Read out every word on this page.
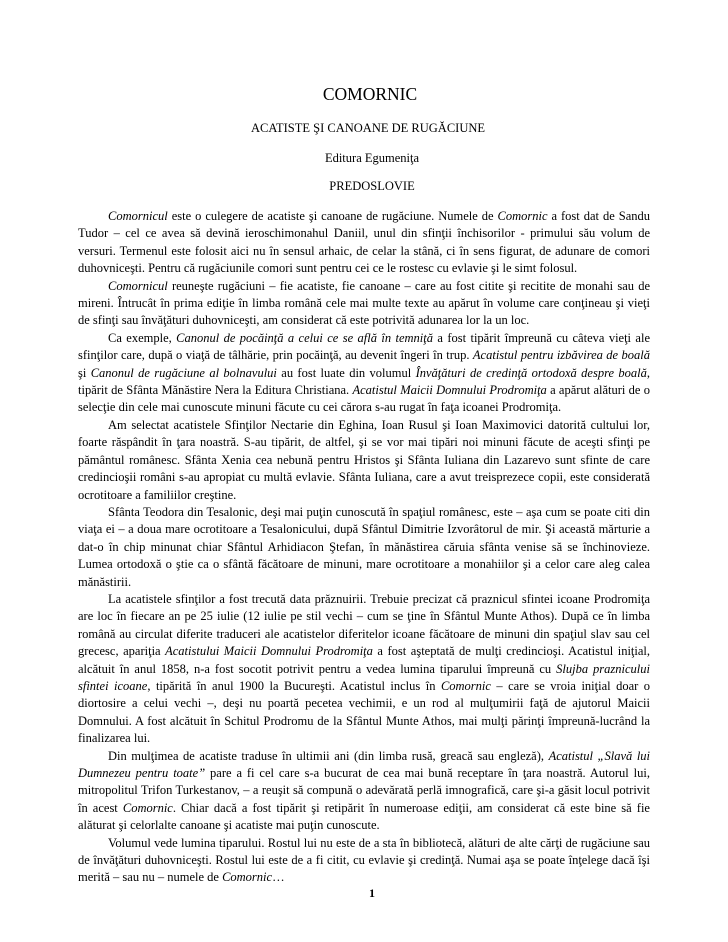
COMORNIC
ACATISTE ŞI CANOANE DE RUGĂCIUNE
Editura Egumeniţa
PREDOSLOVIE

Comornicul este o culegere de acatiste şi canoane de rugăciune. Numele de Comornic a fost dat de Sandu Tudor – cel ce avea să devină ieroschimonahul Daniil, unul din sfinţii închisorilor - primului său volum de versuri. Termenul este folosit aici nu în sensul arhaic, de celar la stână, ci în sens figurat, de adunare de comori duhovniceşti. Pentru că rugăciunile comori sunt pentru cei ce le rostesc cu evlavie şi le simt folosul.

Comornicul reuneşte rugăciuni – fie acatiste, fie canoane – care au fost citite şi recitite de monahi sau de mireni. Întrucât în prima ediţie în limba română cele mai multe texte au apărut în volume care conţineau şi vieţi de sfinţi sau învăţături duhovniceşti, am considerat că este potrivită adunarea lor la un loc.

Ca exemple, Canonul de pocăinţă a celui ce se află în temniţă a fost tipărit împreună cu câteva vieţi ale sfinţilor care, după o viaţă de tâlhărie, prin pocăinţă, au devenit îngeri în trup. Acatistul pentru izbăvirea de boală şi Canonul de rugăciune al bolnavului au fost luate din volumul Învăţături de credinţă ortodoxă despre boală, tipărit de Sfânta Mănăstire Nera la Editura Christiana. Acatistul Maicii Domnului Prodromiţa a apărut alături de o selecţie din cele mai cunoscute minuni făcute cu cei cărora s-au rugat în faţa icoanei Prodromiţa.

Am selectat acatistele Sfinţilor Nectarie din Eghina, Ioan Rusul şi Ioan Maximovici datorită cultului lor, foarte răspândit în ţara noastră. S-au tipărit, de altfel, şi se vor mai tipări noi minuni făcute de aceşti sfinţi pe pământul românesc. Sfânta Xenia cea nebună pentru Hristos şi Sfânta Iuliana din Lazarevo sunt sfinte de care credincioşii români s-au apropiat cu multă evlavie. Sfânta Iuliana, care a avut treisprezece copii, este considerată ocrotitoare a familiilor creştine.

Sfânta Teodora din Tesalonic, deşi mai puţin cunoscută în spaţiul românesc, este – aşa cum se poate citi din viaţa ei – a doua mare ocrotitoare a Tesalonicului, după Sfântul Dimitrie Izvorâtorul de mir. Şi această mărturie a dat-o în chip minunat chiar Sfântul Arhidiacon Ştefan, în mănăstirea căruia sfânta venise să se închinovieze. Lumea ortodoxă o ştie ca o sfântă făcătoare de minuni, mare ocrotitoare a monahiilor şi a celor care aleg calea mănăstirii.

La acatistele sfinţilor a fost trecută data prăznuirii. Trebuie precizat că praznicul sfintei icoane Prodromiţa are loc în fiecare an pe 25 iulie (12 iulie pe stil vechi – cum se ţine în Sfântul Munte Athos). După ce în limba română au circulat diferite traduceri ale acatistelor diferitelor icoane făcătoare de minuni din spaţiul slav sau cel grecesc, apariţia Acatistului Maicii Domnului Prodromiţa a fost aşteptată de mulţi credincioşi. Acatistul iniţial, alcătuit în anul 1858, n-a fost socotit potrivit pentru a vedea lumina tiparului împreună cu Slujba praznicului sfintei icoane, tipărită în anul 1900 la Bucureşti. Acatistul inclus în Comornic – care se vroia iniţial doar o diortosire a celui vechi –, deşi nu poartă pecetea vechimii, e un rod al mulţumirii faţă de ajutorul Maicii Domnului. A fost alcătuit în Schitul Prodromu de la Sfântul Munte Athos, mai mulţi părinţi împreună-lucrând la finalizarea lui.

Din mulţimea de acatiste traduse în ultimii ani (din limba rusă, greacă sau engleză), Acatistul „Slavă lui Dumnezeu pentru toate” pare a fi cel care s-a bucurat de cea mai bună receptare în ţara noastră. Autorul lui, mitropolitul Trifon Turkestanov, – a reuşit să compună o adevărată perlă imnografică, care şi-a găsit locul potrivit în acest Comornic. Chiar dacă a fost tipărit şi retipărit în numeroase ediţii, am considerat că este bine să fie alăturat şi celorlalte canoane şi acatiste mai puţin cunoscute.

Volumul vede lumina tiparului. Rostul lui nu este de a sta în bibliotecă, alături de alte cărţi de rugăciune sau de învăţături duhovniceşti. Rostul lui este de a fi citit, cu evlavie şi credinţă. Numai aşa se poate înţelege dacă îşi merită – sau nu – numele de Comornic…

1
